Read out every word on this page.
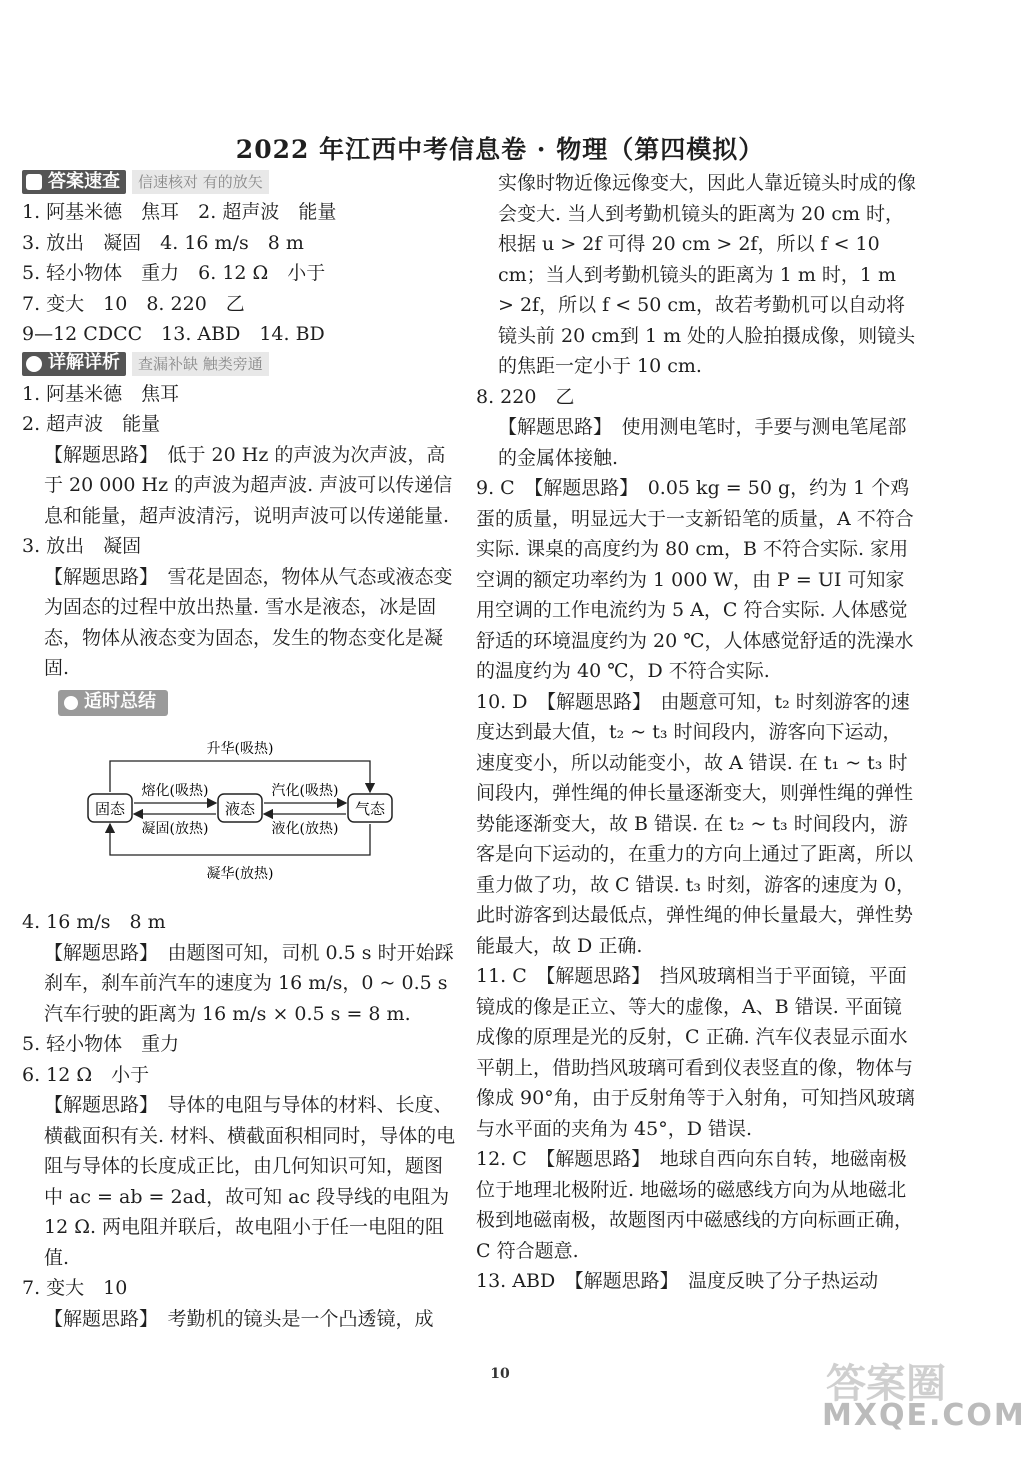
2022 年江西中考信息卷 · 物理（第四模拟）
答案速查	信速核对 有的放矢

1. 阿基米德　焦耳　2. 超声波　能量

3. 放出　凝固　4. 16 m/s　8 m

5. 轻小物体　重力　6. 12 Ω　小于

7. 变大　10　8. 220　乙

9—12 CDCC　13. ABD　14. BD

详解详析	查漏补缺 触类旁通

1. 阿基米德　焦耳

2. 超声波　能量

【解题思路】　低于 20 Hz 的声波为次声波，高于 20 000 Hz 的声波为超声波. 声波可以传递信息和能量，超声波清污，说明声波可以传递能量.

3. 放出　凝固

【解题思路】　雪花是固态，物体从气态或液态变为固态的过程中放出热量. 雪水是液态，冰是固态，物体从液态变为固态，发生的物态变化是凝固.

适时总结
固态	液态	气态
熔化(吸热)
凝固(放热)
汽化(吸热)
液化(放热)
升华(吸热)
凝华(放热)

4. 16 m/s　8 m

【解题思路】　由题图可知，司机 0.5 s 时开始踩刹车，刹车前汽车的速度为 16 m/s，0 ~ 0.5 s 汽车行驶的距离为 16 m/s × 0.5 s = 8 m.

5. 轻小物体　重力

6. 12 Ω　小于

【解题思路】　导体的电阻与导体的材料、长度、横截面积有关. 材料、横截面积相同时，导体的电阻与导体的长度成正比，由几何知识可知，题图中 ac = ab = 2ad，故可知 ac 段导线的电阻为 12 Ω. 两电阻并联后，故电阻小于任一电阻的阻值.

7. 变大　10

【解题思路】　考勤机的镜头是一个凸透镜，成

实像时物近像远像变大，因此人靠近镜头时成的像会变大. 当人到考勤机镜头的距离为 20 cm 时，根据 u > 2f 可得 20 cm > 2f，所以 f < 10 cm；当人到考勤机镜头的距离为 1 m 时，1 m > 2f，所以 f < 50 cm，故若考勤机可以自动将镜头前 20 cm到 1 m 处的人脸拍摄成像，则镜头的焦距一定小于 10 cm.

8. 220　乙

【解题思路】　使用测电笔时，手要与测电笔尾部的金属体接触.

9. C　【解题思路】　0.05 kg = 50 g，约为 1 个鸡蛋的质量，明显远大于一支新铅笔的质量，A 不符合实际. 课桌的高度约为 80 cm，B 不符合实际. 家用空调的额定功率约为 1 000 W，由 P = UI 可知家用空调的工作电流约为 5 A，C 符合实际. 人体感觉舒适的环境温度约为 20 ℃，人体感觉舒适的洗澡水的温度约为 40 ℃，D 不符合实际.

10. D　【解题思路】　由题意可知，t₂ 时刻游客的速度达到最大值，t₂ ~ t₃ 时间段内，游客向下运动，速度变小，所以动能变小，故 A 错误. 在 t₁ ~ t₃ 时间段内，弹性绳的伸长量逐渐变大，则弹性绳的弹性势能逐渐变大，故 B 错误. 在 t₂ ~ t₃ 时间段内，游客是向下运动的，在重力的方向上通过了距离，所以重力做了功，故 C 错误. t₃ 时刻，游客的速度为 0，此时游客到达最低点，弹性绳的伸长量最大，弹性势能最大，故 D 正确.

11. C　【解题思路】　挡风玻璃相当于平面镜，平面镜成的像是正立、等大的虚像，A、B 错误. 平面镜成像的原理是光的反射，C 正确. 汽车仪表显示面水平朝上，借助挡风玻璃可看到仪表竖直的像，物体与像成 90°角，由于反射角等于入射角，可知挡风玻璃与水平面的夹角为 45°，D 错误.

12. C　【解题思路】　地球自西向东自转，地磁南极位于地理北极附近. 地磁场的磁感线方向为从地磁北极到地磁南极，故题图丙中磁感线的方向标画正确，C 符合题意.

13. ABD　【解题思路】　温度反映了分子热运动

10	答案圈
MXQE.COM
